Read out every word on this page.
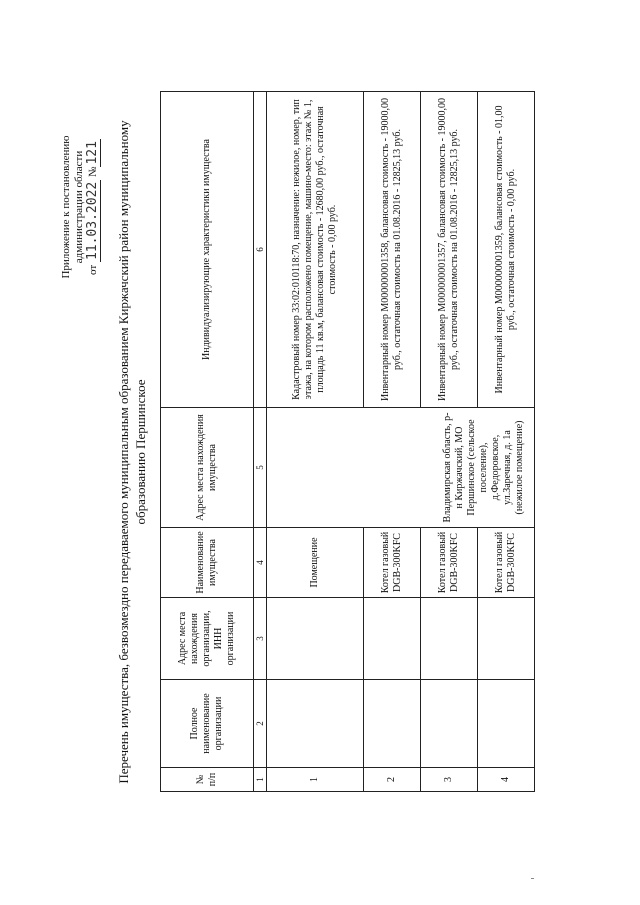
Приложение к постановлению администрации области
от 11.03.2022 №121 Перечень имущества, безвозмездно передаваемого муниципальным образованием Киржачский район муниципальному образованию Першинское
№ п/п	Полное наименование организации	Адрес места нахождения организации, ИНН организации	Наименование имущества	Адрес места нахождения имущества	Индивидуализирующие характеристики имущества
1	2	3	4	5	6
1			Помещение	Владимирская область, р-н Киржачский, МО Першинское (сельское поселение), д.Федоровское, ул.Заречная, д. 1а (нежилое помещение)	Кадастровый номер 33:02:010118:70, назначение: нежилое, номер, тип этажа, на котором расположено помещение, машино-место: этаж № 1, площадь 11 кв.м, балансовая стоимость - 12680,00 руб., остаточная стоимость - 0,00 руб.
2			Котел газовый DGB-300KFC		Инвентарный номер М000000001358, балансовая стоимость - 19000,00 руб., остаточная стоимость на 01.08.2016 - 12825,13 руб.
3			Котел газовый DGB-300KFC		Инвентарный номер М000000001357, балансовая стоимость - 19000,00 руб., остаточная стоимость на 01.08.2016 - 12825,13 руб.
4			Котел газовый DGB-300KFC		Инвентарный номер М000000001359, балансовая стоимость - 01,00 руб., остаточная стоимость - 0,00 руб.
